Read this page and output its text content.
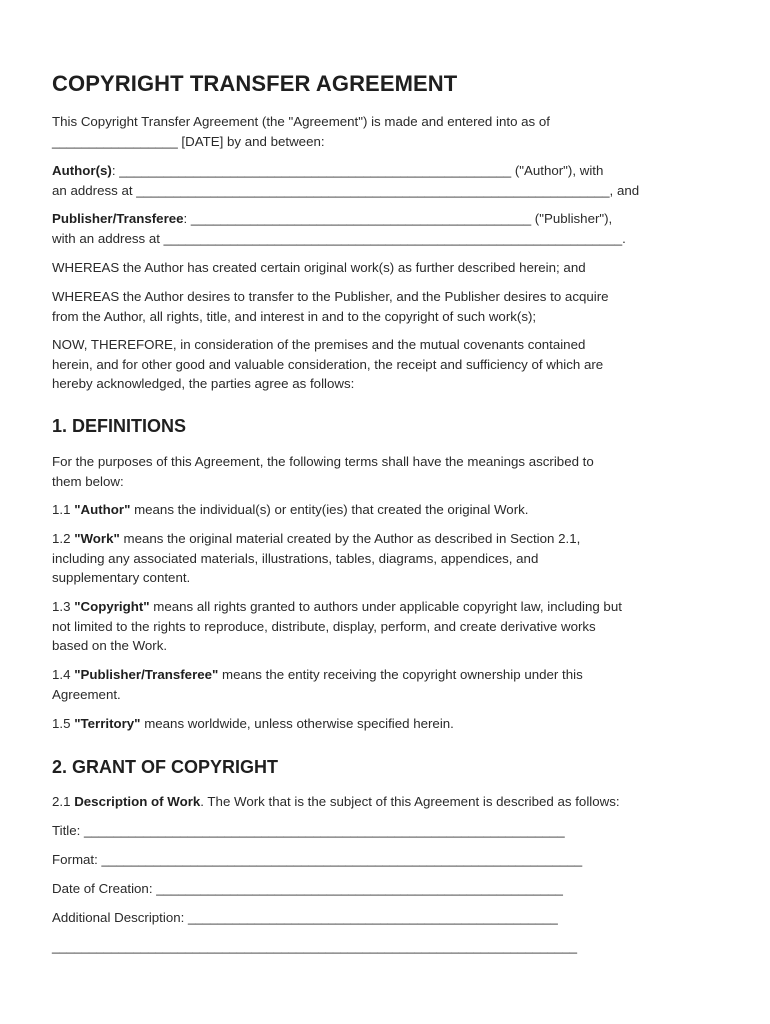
COPYRIGHT TRANSFER AGREEMENT

This Copyright Transfer Agreement (the "Agreement") is made and entered into as of
_________________ [DATE] by and between:

Author(s): _____________________________________________________ ("Author"), with
an address at ________________________________________________________________, and

Publisher/Transferee: ______________________________________________ ("Publisher"),
with an address at ______________________________________________________________.

WHEREAS the Author has created certain original work(s) as further described herein; and

WHEREAS the Author desires to transfer to the Publisher, and the Publisher desires to acquire
from the Author, all rights, title, and interest in and to the copyright of such work(s);

NOW, THEREFORE, in consideration of the premises and the mutual covenants contained
herein, and for other good and valuable consideration, the receipt and sufficiency of which are
hereby acknowledged, the parties agree as follows:

1. DEFINITIONS

For the purposes of this Agreement, the following terms shall have the meanings ascribed to
them below:

1.1 "Author" means the individual(s) or entity(ies) that created the original Work.

1.2 "Work" means the original material created by the Author as described in Section 2.1,
including any associated materials, illustrations, tables, diagrams, appendices, and
supplementary content.

1.3 "Copyright" means all rights granted to authors under applicable copyright law, including but
not limited to the rights to reproduce, distribute, display, perform, and create derivative works
based on the Work.

1.4 "Publisher/Transferee" means the entity receiving the copyright ownership under this
Agreement.

1.5 "Territory" means worldwide, unless otherwise specified herein.

2. GRANT OF COPYRIGHT

2.1 Description of Work. The Work that is the subject of this Agreement is described as follows:

Title: _________________________________________________________________

Format: _________________________________________________________________

Date of Creation: _______________________________________________________

Additional Description: __________________________________________________

_______________________________________________________________________
